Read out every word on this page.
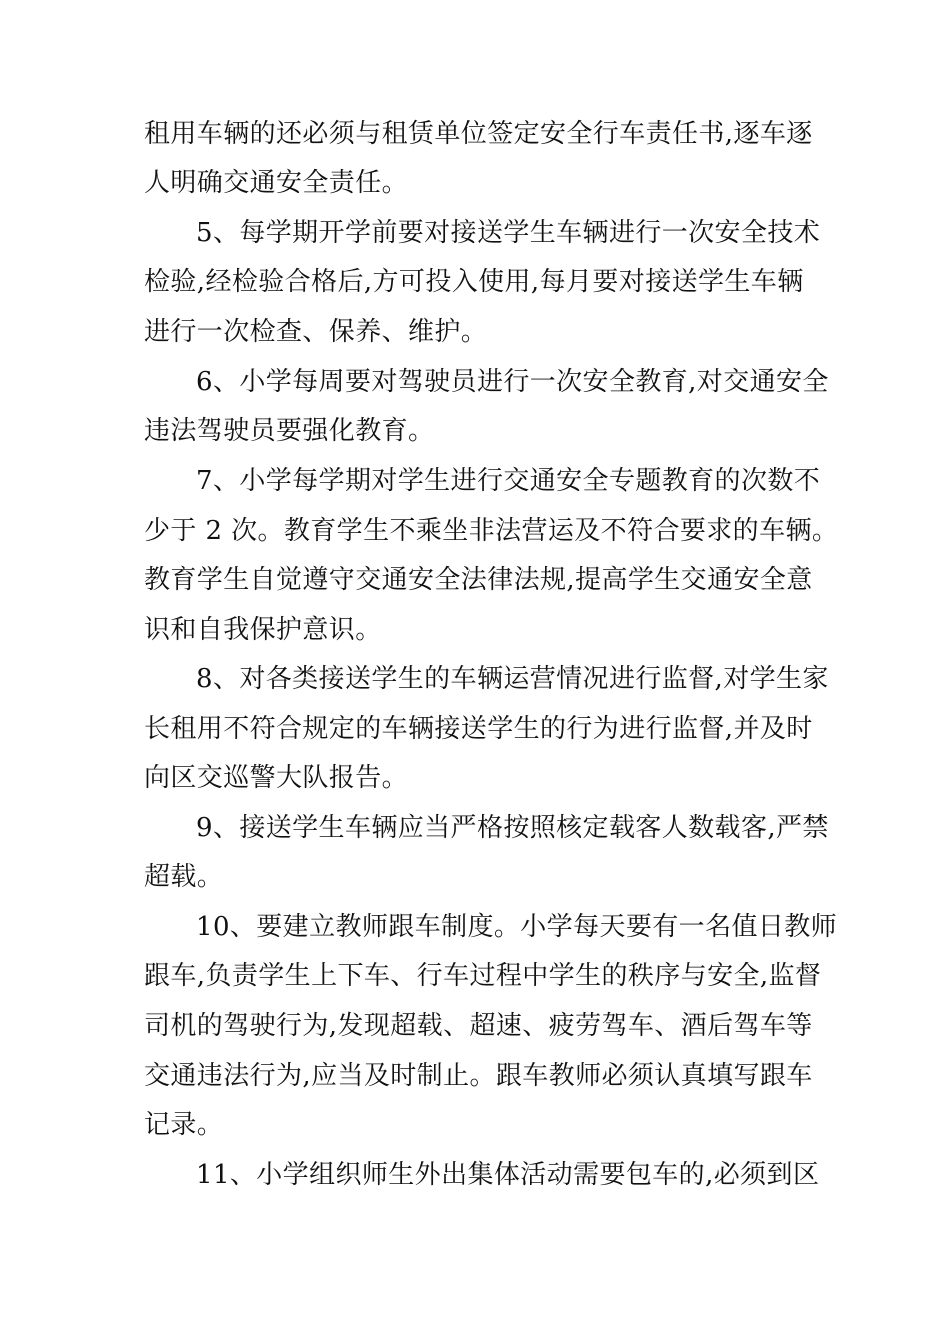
租用车辆的还必须与租赁单位签定安全行车责任书,逐车逐
人明确交通安全责任。
5、每学期开学前要对接送学生车辆进行一次安全技术
检验,经检验合格后,方可投入使用,每月要对接送学生车辆
进行一次检查、保养、维护。
6、小学每周要对驾驶员进行一次安全教育,对交通安全
违法驾驶员要强化教育。
7、小学每学期对学生进行交通安全专题教育的次数不
少于 2 次。教育学生不乘坐非法营运及不符合要求的车辆。
教育学生自觉遵守交通安全法律法规,提高学生交通安全意
识和自我保护意识。
8、对各类接送学生的车辆运营情况进行监督,对学生家
长租用不符合规定的车辆接送学生的行为进行监督,并及时
向区交巡警大队报告。
9、接送学生车辆应当严格按照核定载客人数载客,严禁
超载。
10、要建立教师跟车制度。小学每天要有一名值日教师
跟车,负责学生上下车、行车过程中学生的秩序与安全,监督
司机的驾驶行为,发现超载、超速、疲劳驾车、酒后驾车等
交通违法行为,应当及时制止。跟车教师必须认真填写跟车
记录。
11、小学组织师生外出集体活动需要包车的,必须到区
